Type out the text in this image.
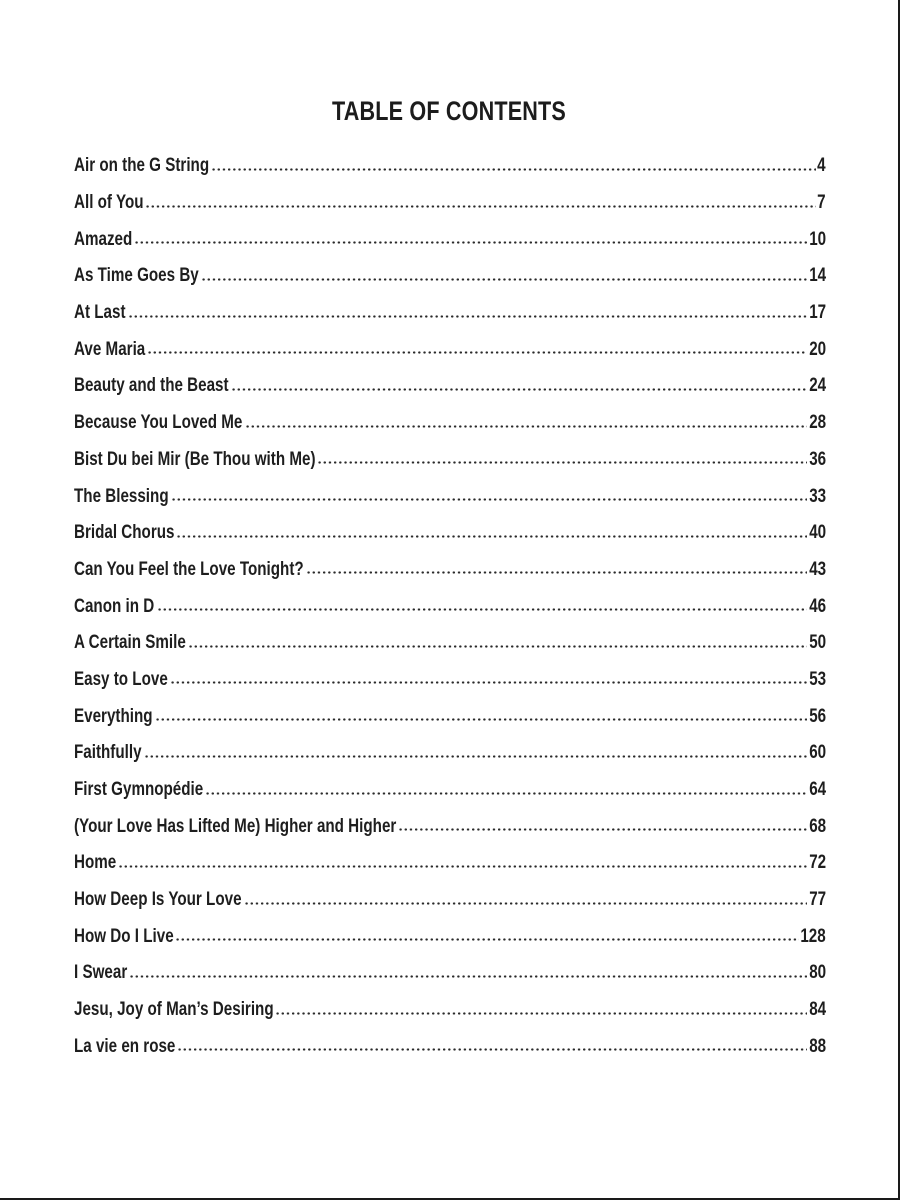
TABLE OF CONTENTS
Air on the G String	4
All of You	7
Amazed	10
As Time Goes By	14
At Last	17
Ave Maria	20
Beauty and the Beast	24
Because You Loved Me	28
Bist Du bei Mir (Be Thou with Me)	36
The Blessing	33
Bridal Chorus	40
Can You Feel the Love Tonight?	43
Canon in D	46
A Certain Smile	50
Easy to Love	53
Everything	56
Faithfully	60
First Gymnopédie	64
(Your Love Has Lifted Me) Higher and Higher	68
Home	72
How Deep Is Your Love	77
How Do I Live	128
I Swear	80
Jesu, Joy of Man’s Desiring	84
La vie en rose	88
